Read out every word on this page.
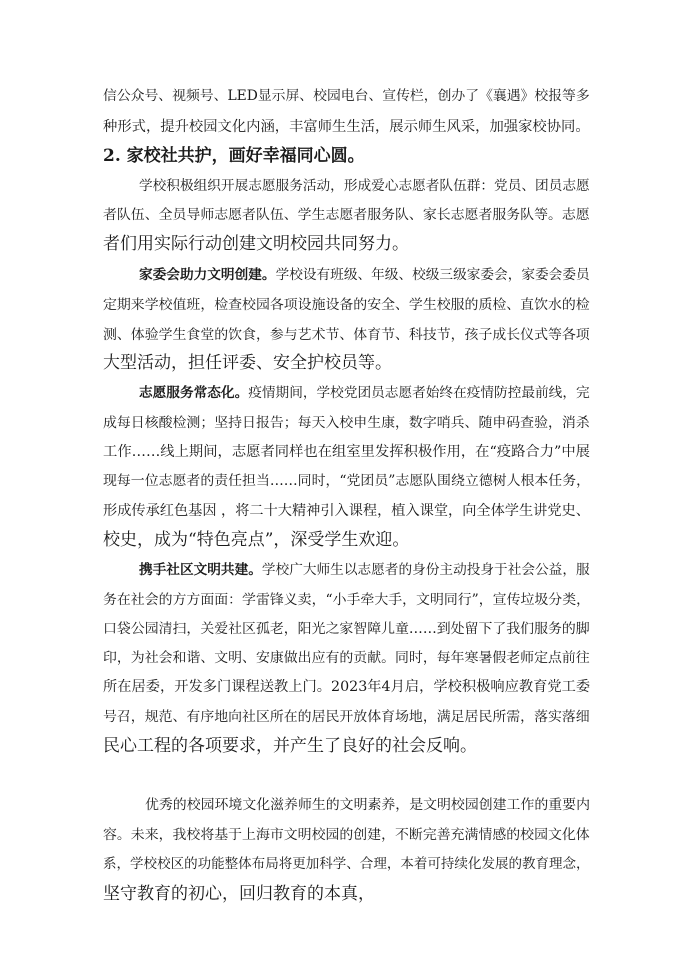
信公众号、视频号、LED显示屏、校园电台、宣传栏，创办了《襄遇》校报等多
种形式，提升校园文化内涵，丰富师生生活，展示师生风采，加强家校协同。
2. 家校社共护，画好幸福同心圆。
学校积极组织开展志愿服务活动，形成爱心志愿者队伍群：党员、团员志愿
者队伍、全员导师志愿者队伍、学生志愿者服务队、家长志愿者服务队等。志愿
者们用实际行动创建文明校园共同努力。
家委会助力文明创建。学校设有班级、年级、校级三级家委会，家委会委员
定期来学校值班，检查校园各项设施设备的安全、学生校服的质检、直饮水的检
测、体验学生食堂的饮食，参与艺术节、体育节、科技节，孩子成长仪式等各项
大型活动，担任评委、安全护校员等。
志愿服务常态化。疫情期间，学校党团员志愿者始终在疫情防控最前线，完
成每日核酸检测；坚持日报告；每天入校申生康，数字哨兵、随申码查验，消杀
工作……线上期间，志愿者同样也在组室里发挥积极作用，在“疫路合力”中展
现每一位志愿者的责任担当……同时，“党团员”志愿队围绕立德树人根本任务，
形成传承红色基因 ，将二十大精神引入课程，植入课堂，向全体学生讲党史、
校史，成为“特色亮点”，深受学生欢迎。
携手社区文明共建。学校广大师生以志愿者的身份主动投身于社会公益，服
务在社会的方方面面：学雷锋义卖，“小手牵大手，文明同行”，宣传垃圾分类，
口袋公园清扫，关爱社区孤老，阳光之家智障儿童……到处留下了我们服务的脚
印，为社会和谐、文明、安康做出应有的贡献。同时，每年寒暑假老师定点前往
所在居委，开发多门课程送教上门。2023年4月启，学校积极响应教育党工委
号召，规范、有序地向社区所在的居民开放体育场地，满足居民所需，落实落细
民心工程的各项要求，并产生了良好的社会反响。
优秀的校园环境文化滋养师生的文明素养，是文明校园创建工作的重要内
容。未来，我校将基于上海市文明校园的创建，不断完善充满情感的校园文化体
系，学校校区的功能整体布局将更加科学、合理，本着可持续化发展的教育理念，
坚守教育的初心，回归教育的本真，
